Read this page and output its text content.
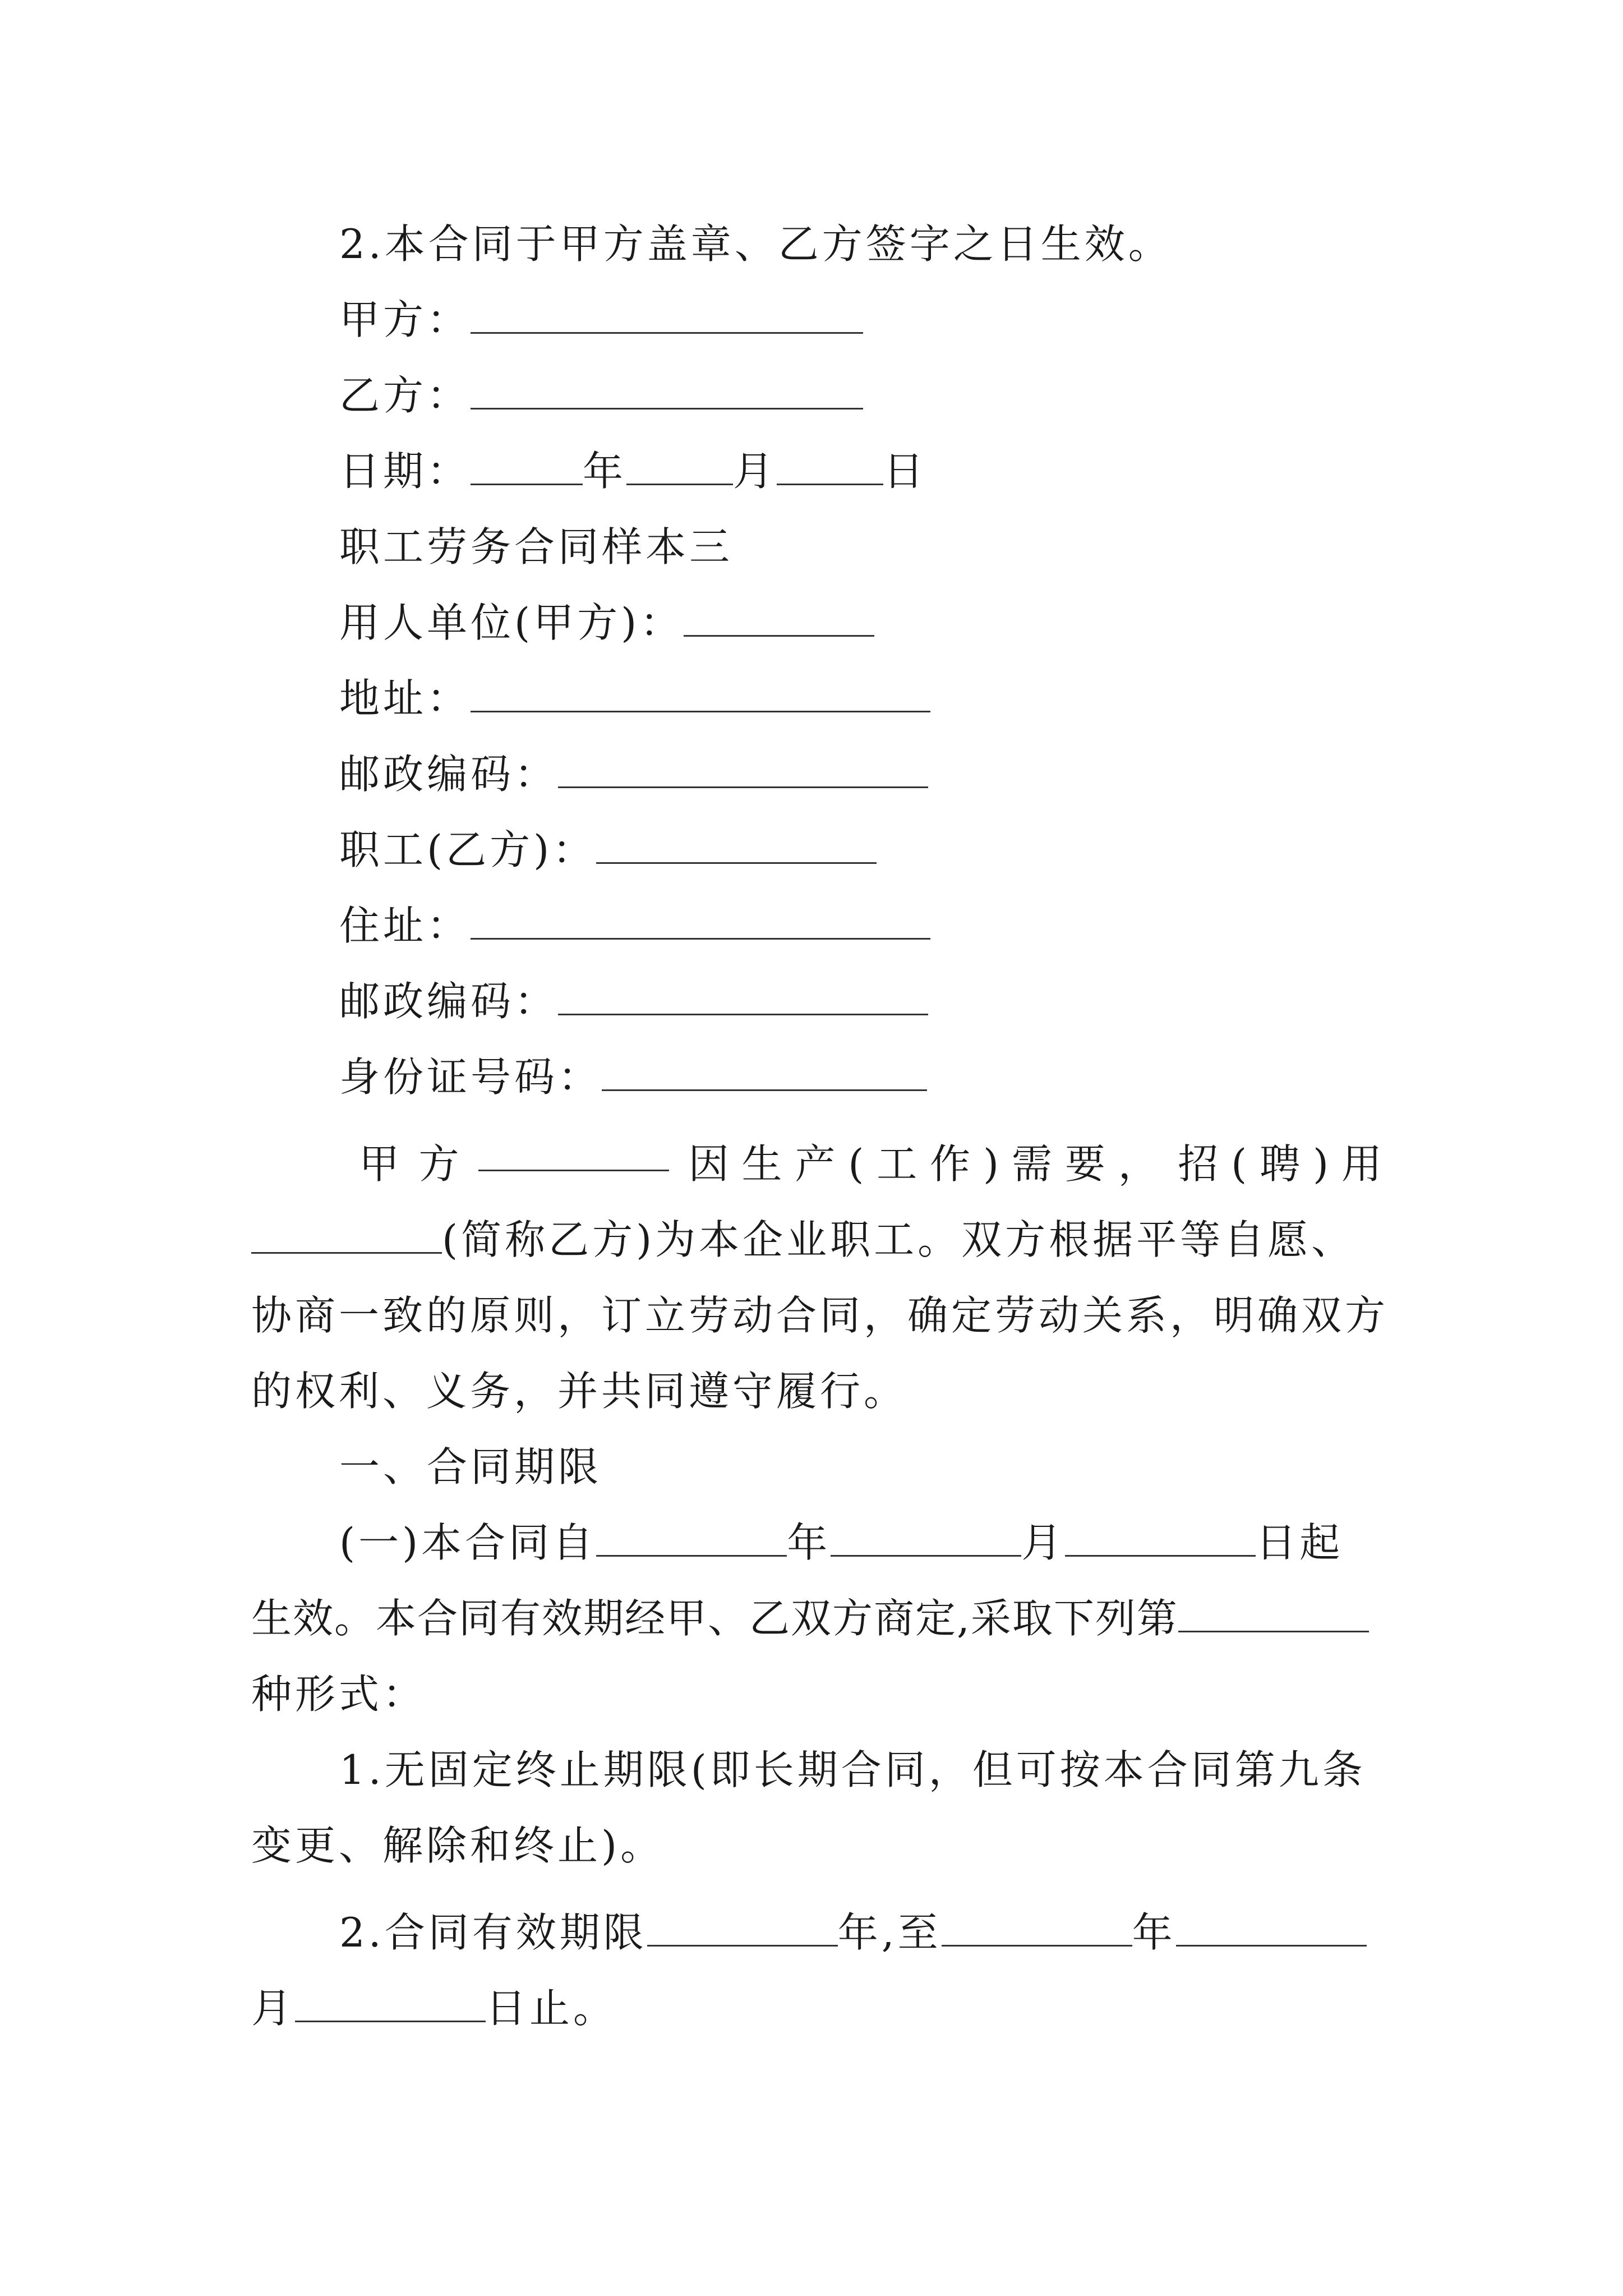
2.本合同于甲方盖章、乙方签字之日生效。
甲方：
乙方：
日期：	年	月	日
职工劳务合同样本三
用人单位(甲方)：
地址：
邮政编码：
职工(乙方)：
住址：
邮政编码：
身份证号码：
甲 方	因 生 产 ( 工 作 ) 需 要 ， 招 ( 聘 ) 用
(简称乙方)为本企业职工。双方根据平等自愿、
协商一致的原则，订立劳动合同，确定劳动关系，明确双方
的权利、义务，并共同遵守履行。
一、合同期限
(一)本合同自	年	月	日起
生效。本合同有效期经甲、乙双方商定,采取下列第
种形式：
1.无固定终止期限(即长期合同，但可按本合同第九条
变更、解除和终止)。
2.合同有效期限	年,至	年
月	日止。
